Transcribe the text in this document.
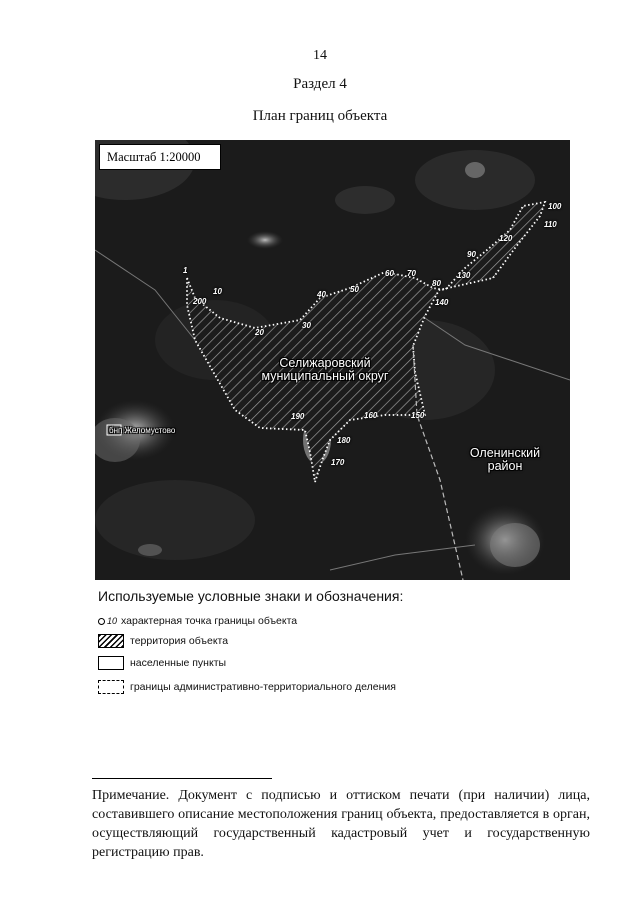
14
Раздел 4
План границ объекта
Масштаб 1:20000
Селижаровский
муниципальный округ
Оленинский
район
бнп Желомустово
1
10
20
30
40
50
60 70
80
90
100
110
120
130
140
150
160
170
180
190
200
Используемые условные знаки и обозначения:
10 характерная точка границы объекта
территория объекта
населенные пункты
границы административно-территориального деления
Примечание. Документ с подписью и оттиском печати (при наличии) лица, составившего описание местоположения границ объекта, предоставляется в орган, осуществляющий государственный кадастровый учет и государственную регистрацию прав.
